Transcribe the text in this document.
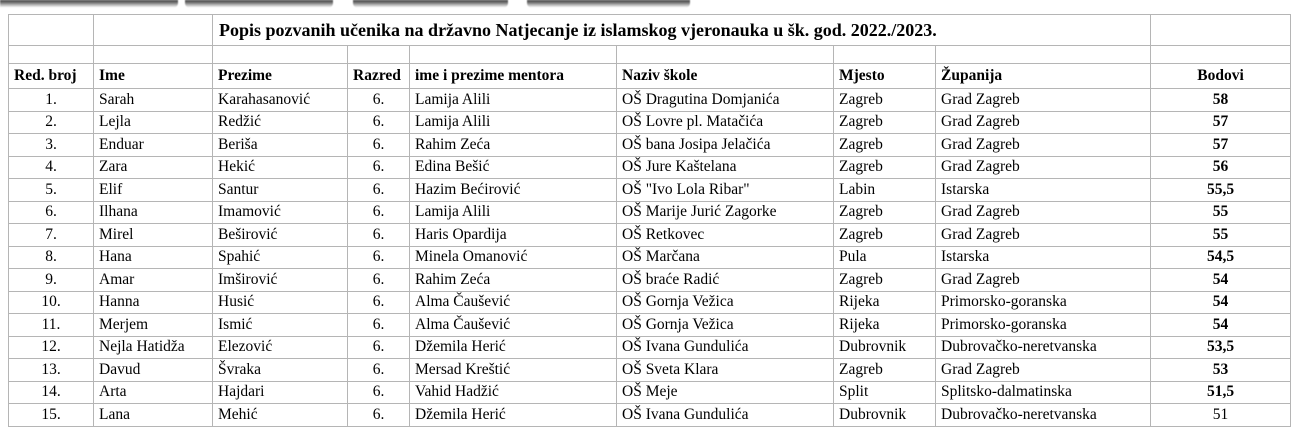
		Popis pozvanih učenika na državno Natjecanje iz islamskog vjeronauka u šk. god. 2022./2023.						

Red. broj	Ime	Prezime	Razred	ime i prezime mentora	Naziv škole	Mjesto	Županija	Bodovi
1.	Sarah	Karahasanović	6.	Lamija Alili	OŠ Dragutina Domjanića	Zagreb	Grad Zagreb	58
2.	Lejla	Redžić	6.	Lamija Alili	OŠ Lovre pl. Matačića	Zagreb	Grad Zagreb	57
3.	Enduar	Beriša	6.	Rahim Zeća	OŠ bana Josipa Jelačića	Zagreb	Grad Zagreb	57
4.	Zara	Hekić	6.	Edina Bešić	OŠ Jure Kaštelana	Zagreb	Grad Zagreb	56
5.	Elif	Santur	6.	Hazim Bećirović	OŠ "Ivo Lola Ribar"	Labin	Istarska	55,5
6.	Ilhana	Imamović	6.	Lamija Alili	OŠ Marije Jurić Zagorke	Zagreb	Grad Zagreb	55
7.	Mirel	Beširović	6.	Haris Opardija	OŠ Retkovec	Zagreb	Grad Zagreb	55
8.	Hana	Spahić	6.	Minela Omanović	OŠ Marčana	Pula	Istarska	54,5
9.	Amar	Imširović	6.	Rahim Zeća	OŠ braće Radić	Zagreb	Grad Zagreb	54
10.	Hanna	Husić	6.	Alma Čaušević	OŠ Gornja Vežica	Rijeka	Primorsko-goranska	54
11.	Merjem	Ismić	6.	Alma Čaušević	OŠ Gornja Vežica	Rijeka	Primorsko-goranska	54
12.	Nejla Hatidža	Elezović	6.	Džemila Herić	OŠ Ivana Gundulića	Dubrovnik	Dubrovačko-neretvanska	53,5
13.	Davud	Švraka	6.	Mersad Kreštić	OŠ Sveta Klara	Zagreb	Grad Zagreb	53
14.	Arta	Hajdari	6.	Vahid Hadžić	OŠ Meje	Split	Splitsko-dalmatinska	51,5
15.	Lana	Mehić	6.	Džemila Herić	OŠ Ivana Gundulića	Dubrovnik	Dubrovačko-neretvanska	51
